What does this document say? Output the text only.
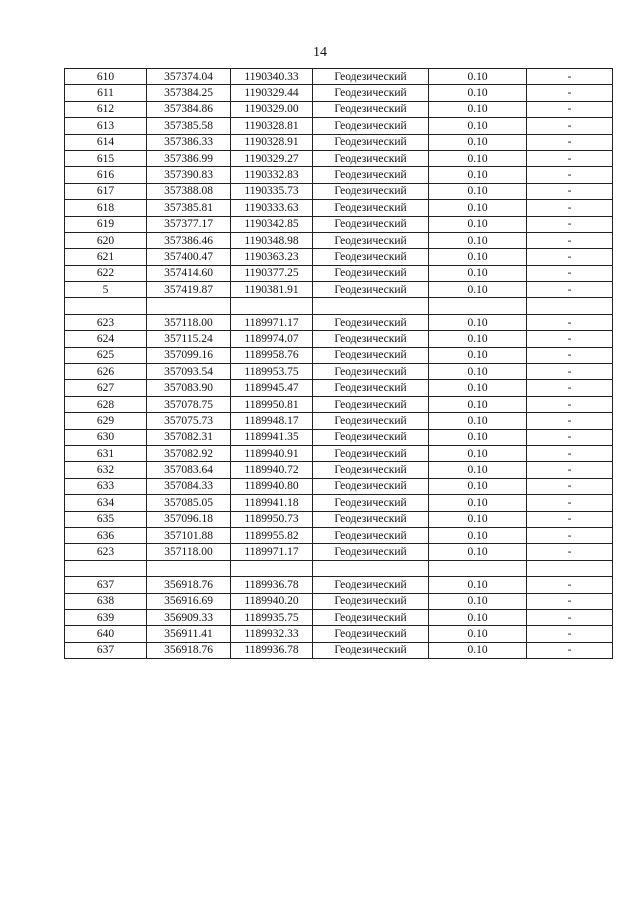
14
610	357374.04	1190340.33	Геодезический	0.10	-
611	357384.25	1190329.44	Геодезический	0.10	-
612	357384.86	1190329.00	Геодезический	0.10	-
613	357385.58	1190328.81	Геодезический	0.10	-
614	357386.33	1190328.91	Геодезический	0.10	-
615	357386.99	1190329.27	Геодезический	0.10	-
616	357390.83	1190332.83	Геодезический	0.10	-
617	357388.08	1190335.73	Геодезический	0.10	-
618	357385.81	1190333.63	Геодезический	0.10	-
619	357377.17	1190342.85	Геодезический	0.10	-
620	357386.46	1190348.98	Геодезический	0.10	-
621	357400.47	1190363.23	Геодезический	0.10	-
622	357414.60	1190377.25	Геодезический	0.10	-
5	357419.87	1190381.91	Геодезический	0.10	-

623	357118.00	1189971.17	Геодезический	0.10	-
624	357115.24	1189974.07	Геодезический	0.10	-
625	357099.16	1189958.76	Геодезический	0.10	-
626	357093.54	1189953.75	Геодезический	0.10	-
627	357083.90	1189945.47	Геодезический	0.10	-
628	357078.75	1189950.81	Геодезический	0.10	-
629	357075.73	1189948.17	Геодезический	0.10	-
630	357082.31	1189941.35	Геодезический	0.10	-
631	357082.92	1189940.91	Геодезический	0.10	-
632	357083.64	1189940.72	Геодезический	0.10	-
633	357084.33	1189940.80	Геодезический	0.10	-
634	357085.05	1189941.18	Геодезический	0.10	-
635	357096.18	1189950.73	Геодезический	0.10	-
636	357101.88	1189955.82	Геодезический	0.10	-
623	357118.00	1189971.17	Геодезический	0.10	-

637	356918.76	1189936.78	Геодезический	0.10	-
638	356916.69	1189940.20	Геодезический	0.10	-
639	356909.33	1189935.75	Геодезический	0.10	-
640	356911.41	1189932.33	Геодезический	0.10	-
637	356918.76	1189936.78	Геодезический	0.10	-
